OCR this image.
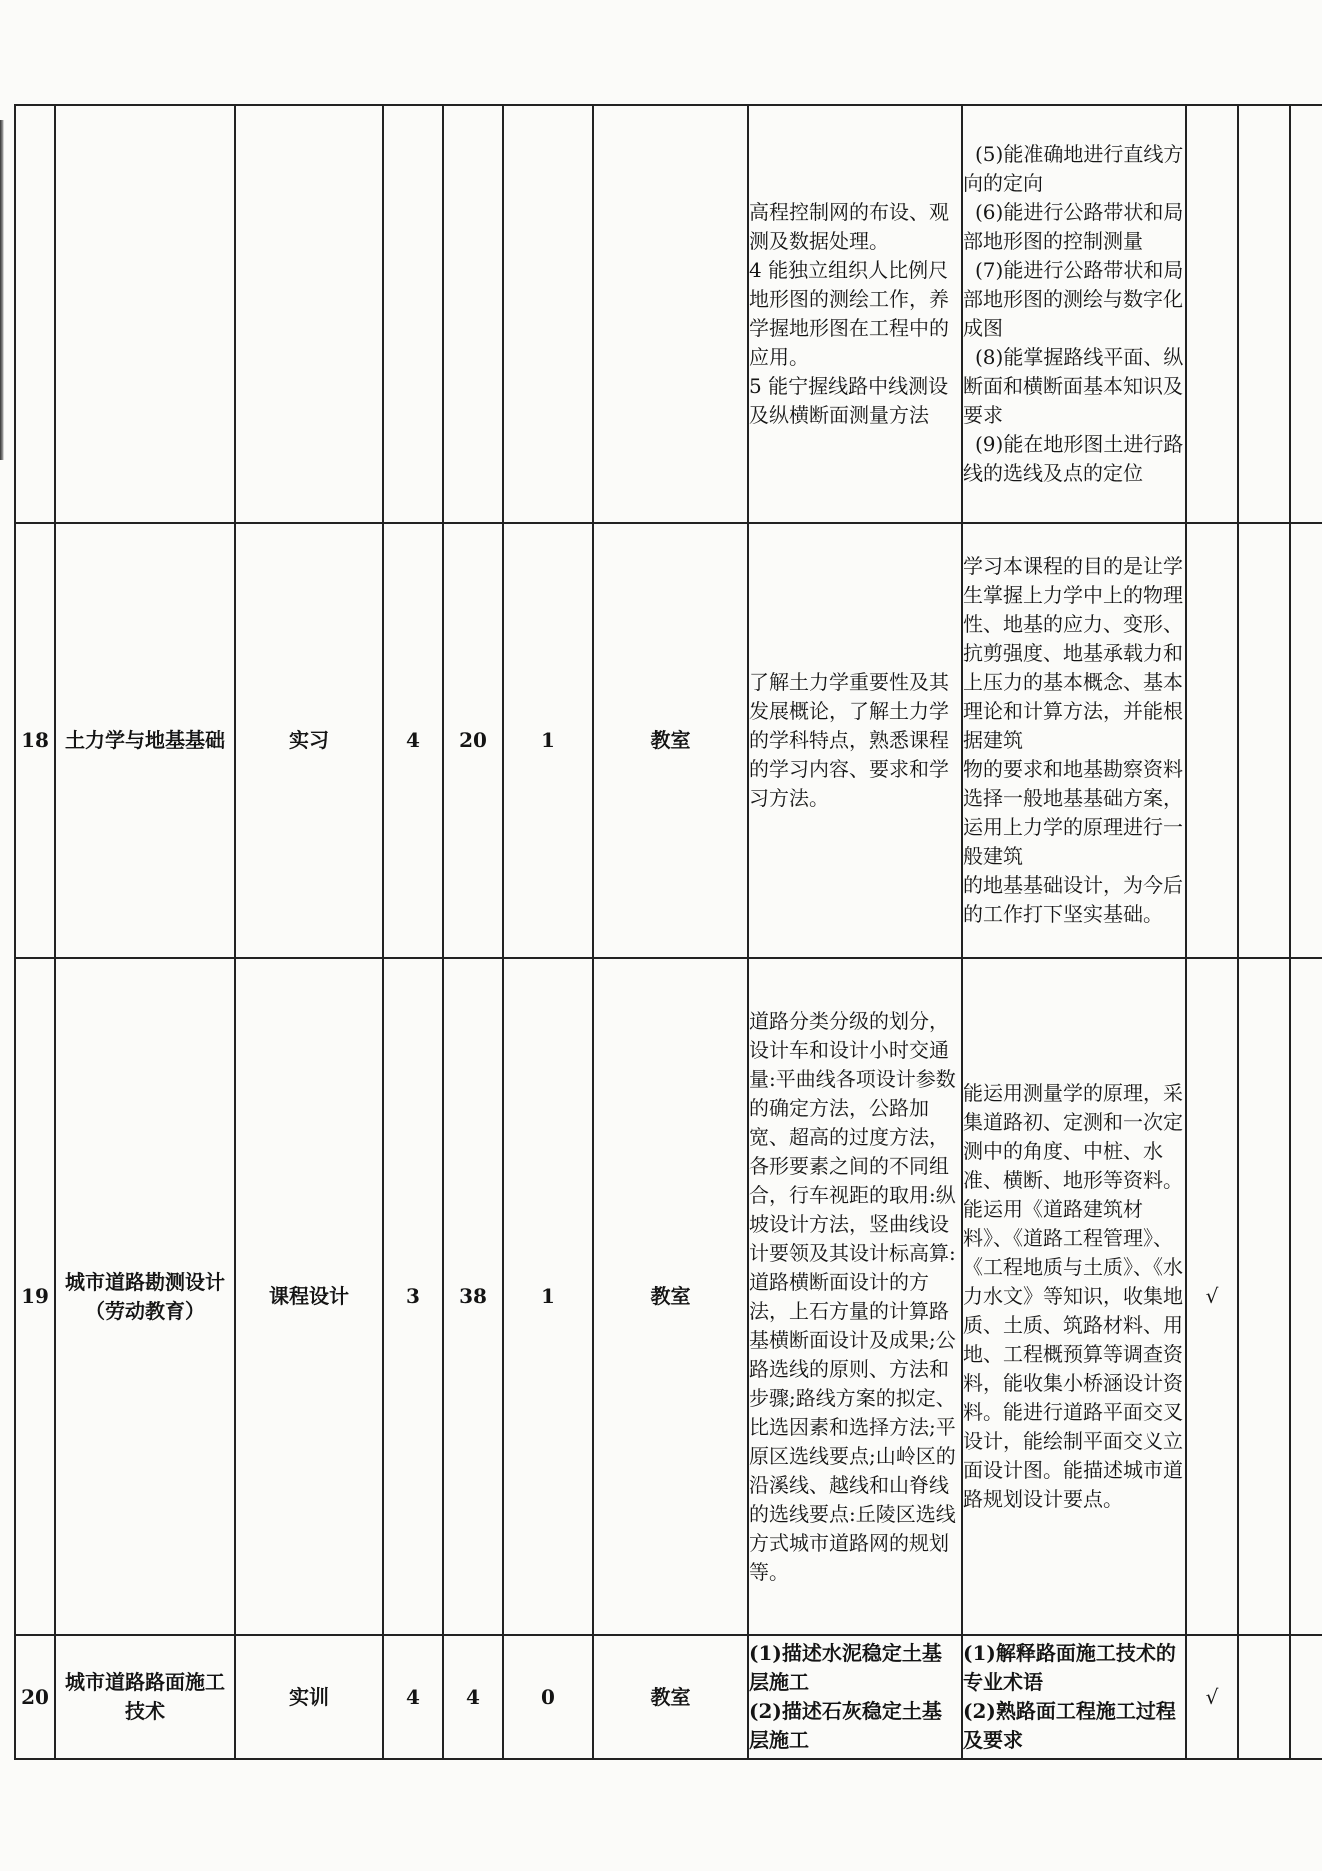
							高程控制网的布设、观测及数据处理。
4 能独立组织人比例尺地形图的测绘工作，养学握地形图在工程中的应用。
5 能宁握线路中线测设及纵横断面测量方法	(5)能准确地进行直线方向的定向
(6)能进行公路带状和局部地形图的控制测量
(7)能进行公路带状和局部地形图的测绘与数字化成图
(8)能掌握路线平面、纵断面和横断面基本知识及要求
(9)能在地形图土进行路线的选线及点的定位			

18	土力学与地基基础	实习	4	20	1	教室	了解土力学重要性及其发展概论，了解土力学的学科特点，熟悉课程的学习内容、要求和学习方法。	学习本课程的目的是让学生掌握上力学中上的物理性、地基的应力、变形、
抗剪强度、地基承载力和上压力的基本概念、基本理论和计算方法，并能根据建筑
物的要求和地基勘察资料选择一般地基基础方案，运用上力学的原理进行一般建筑
的地基基础设计，为今后的工作打下坚实基础。			

19	城市道路勘测设计（劳动教育）	课程设计	3	38	1	教室	道路分类分级的划分，设计车和设计小时交通量:平曲线各项设计参数的确定方法，公路加宽、超高的过度方法，各形要素之间的不同组合，行车视距的取用:纵坡设计方法，竖曲线设计要领及其设计标高算:道路横断面设计的方法，上石方量的计算路基横断面设计及成果;公路选线的原则、方法和步骤;路线方案的拟定、比选因素和选择方法;平原区选线要点;山岭区的沿溪线、越线和山脊线的选线要点:丘陵区选线方式城市道路网的规划等。	能运用测量学的原理，采集道路初、定测和一次定测中的角度、中桩、水准、横断、地形等资料。能运用《道路建筑材料》、《道路工程管理》、《工程地质与土质》、《水力水文》等知识，收集地质、土质、筑路材料、用地、工程概预算等调查资料，能收集小桥涵设计资料。能进行道路平面交叉设计，能绘制平面交义立面设计图。能描述城市道路规划设计要点。	√		
20	城市道路路面施工技术	实训	4	4	0	教室	(1)描述水泥稳定土基层施工
(2)描述石灰稳定土基层施工	(1)解释路面施工技术的专业术语
(2)熟路面工程施工过程及要求	√		
